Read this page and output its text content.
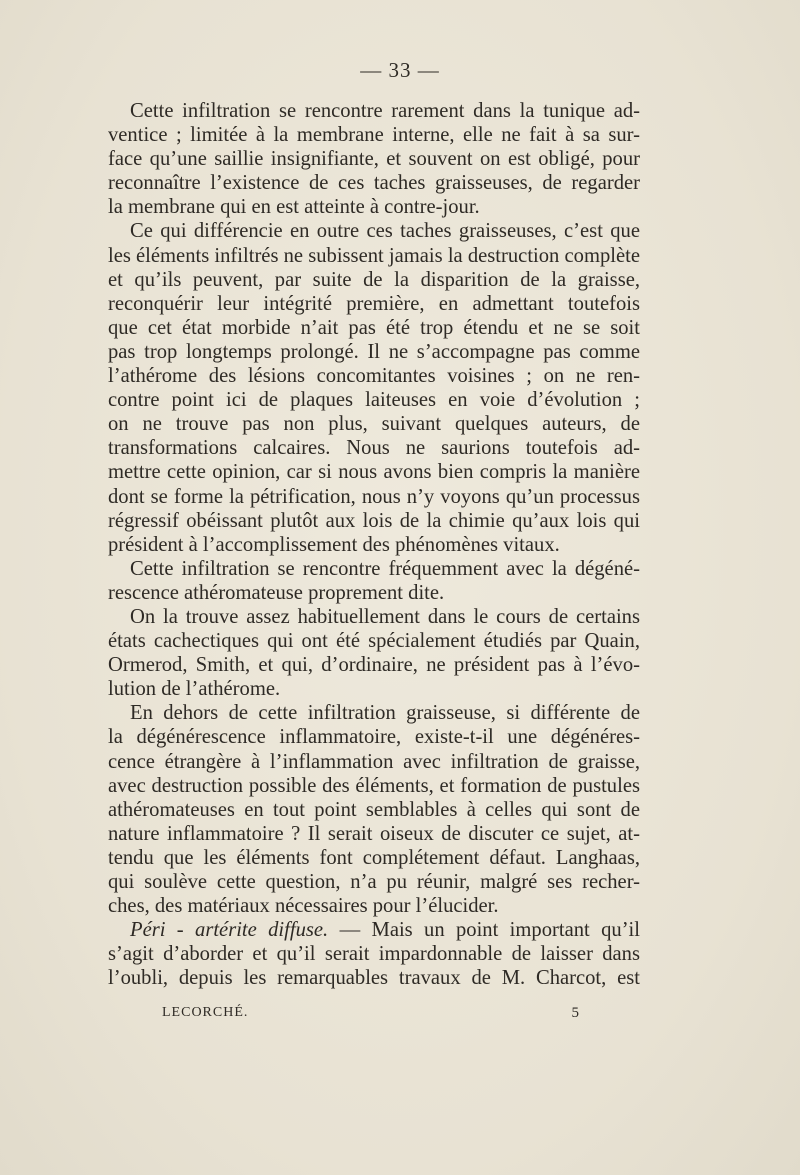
— 33 —
Cette infiltration se rencontre rarement dans la tunique ad-
ventice ; limitée à la membrane interne, elle ne fait à sa sur-
face qu’une saillie insignifiante, et souvent on est obligé, pour
reconnaître l’existence de ces taches graisseuses, de regarder
la membrane qui en est atteinte à contre-jour.
Ce qui différencie en outre ces taches graisseuses, c’est que
les éléments infiltrés ne subissent jamais la destruction complète
et qu’ils peuvent, par suite de la disparition de la graisse,
reconquérir leur intégrité première, en admettant toutefois
que cet état morbide n’ait pas été trop étendu et ne se soit
pas trop longtemps prolongé. Il ne s’accompagne pas comme
l’athérome des lésions concomitantes voisines ; on ne ren-
contre point ici de plaques laiteuses en voie d’évolution ;
on ne trouve pas non plus, suivant quelques auteurs, de
transformations calcaires. Nous ne saurions toutefois ad-
mettre cette opinion, car si nous avons bien compris la manière
dont se forme la pétrification, nous n’y voyons qu’un processus
régressif obéissant plutôt aux lois de la chimie qu’aux lois qui
président à l’accomplissement des phénomènes vitaux.
Cette infiltration se rencontre fréquemment avec la dégéné-
rescence athéromateuse proprement dite.
On la trouve assez habituellement dans le cours de certains
états cachectiques qui ont été spécialement étudiés par Quain,
Ormerod, Smith, et qui, d’ordinaire, ne président pas à l’évo-
lution de l’athérome.
En dehors de cette infiltration graisseuse, si différente de
la dégénérescence inflammatoire, existe-t-il une dégénéres-
cence étrangère à l’inflammation avec infiltration de graisse,
avec destruction possible des éléments, et formation de pustules
athéromateuses en tout point semblables à celles qui sont de
nature inflammatoire ? Il serait oiseux de discuter ce sujet, at-
tendu que les éléments font complétement défaut. Langhaas,
qui soulève cette question, n’a pu réunir, malgré ses recher-
ches, des matériaux nécessaires pour l’élucider.
Péri - artérite diffuse. — Mais un point important qu’il
s’agit d’aborder et qu’il serait impardonnable de laisser dans
l’oubli, depuis les remarquables travaux de M. Charcot, est
LECORCHÉ.	5
